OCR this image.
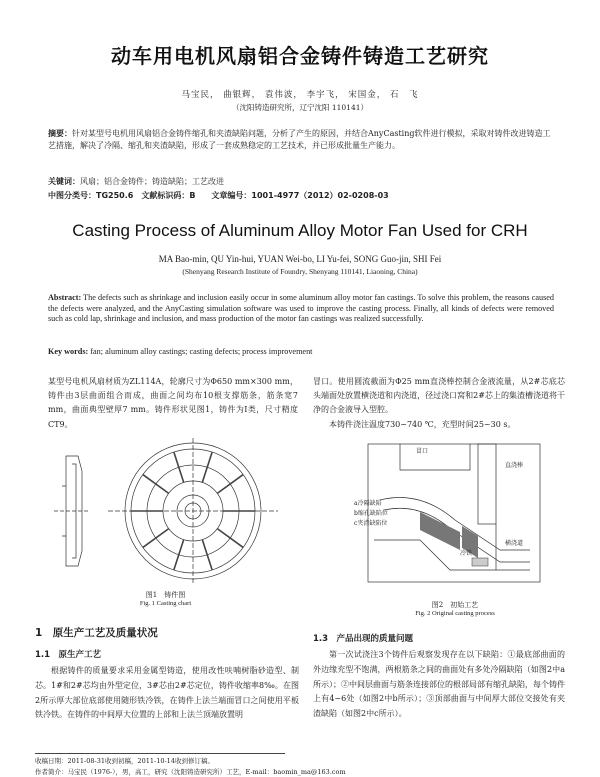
动车用电机风扇铝合金铸件铸造工艺研究
马宝民， 曲银辉， 袁伟波， 李宇飞， 宋国金， 石　飞
（沈阳铸造研究所，辽宁沈阳 110141）
摘要：针对某型号电机用风扇铝合金铸件缩孔和夹渣缺陷问题，分析了产生的原因，并结合AnyCasting软件进行模拟，采取对铸件改进铸造工艺措施，解决了冷隔、缩孔和夹渣缺陷，形成了一套成熟稳定的工艺技术，并已形成批量生产能力。
关键词：风扇；铝合金铸件；铸造缺陷；工艺改进
中图分类号：TG250.6　文献标识码：B　　文章编号：1001-4977（2012）02-0208-03
Casting Process of Aluminum Alloy Motor Fan Used for CRH
MA Bao-min, QU Yin-hui, YUAN Wei-bo, LI Yu-fei, SONG Guo-jin, SHI Fei
(Shenyang Research Institute of Foundry, Shenyang 110141, Liaoning, China)
Abstract: The defects such as shrinkage and inclusion easily occur in some aluminum alloy motor fan castings. To solve this problem, the reasons caused the defects were analyzed, and the AnyCasting simulation software was used to improve the casting process. Finally, all kinds of defects were removed such as cold lap, shrinkage and inclusion, and mass production of the motor fan castings was realized successfully.
Key words: fan; aluminum alloy castings; casting defects; process improvement
某型号电机风扇材质为ZL114A，轮廓尺寸为Φ650 mm×300 mm，铸件由3层曲面组合而成，曲面之间均布10根支撑筋条，筋条宽7 mm，曲面典型壁厚7 mm。铸件形状见图1，铸件为Ⅰ类，尺寸精度CT9。
冒口。使用圆流截面为Φ25 mm直浇棒控制合金液流量，从2#芯底芯头端面处放置横浇道和内浇道，径过浇口窝和2#芯上的集渣槽浇道将干净的合金液导入型腔。
本铸件浇注温度730~740 ℃，充型时间25~30 s。
图1　铸件图
Fig. 1 Casting chart
冒口
直浇棒
a冷隔缺陷
b缩孔缺陷位
c夹渣缺陷位
冷铁
横浇道
图2　初始工艺
Fig. 2 Original casting process
1　原生产工艺及质量状况
1.1　原生产工艺
根据铸件的质量要求采用金属型铸造，使用改性呋喃树脂砂造型、制芯。1#和2#芯均由外型定位，3#芯由2#芯定位，铸件收缩率8‰。在图2所示厚大部位底部使用随形铁冷铁，在铸件上法兰端面冒口之间使用平板铁冷铁。在铸件的中间厚大位置的上部和上法兰顶端放置明
1.3　产品出现的质量问题
第一次试浇注3个铸件后观察发现存在以下缺陷：①最底部曲面的外边缘充型不饱满，两根筋条之间的曲面处有多处冷隔缺陷（如图2中a所示）；②中间层曲面与筋条连接部位的根部局部有缩孔缺陷，每个铸件上有4~6处（如图2中b所示）；③顶部曲面与中间厚大部位交接处有夹渣缺陷（如图2中c所示）。
收稿日期：2011-08-31收到初稿，2011-10-14收到修订稿。
作者简介：马宝民（1976-），男，高工，研究（沈阳铸造研究所）工艺，E-mail：baomin_ma@163.com
